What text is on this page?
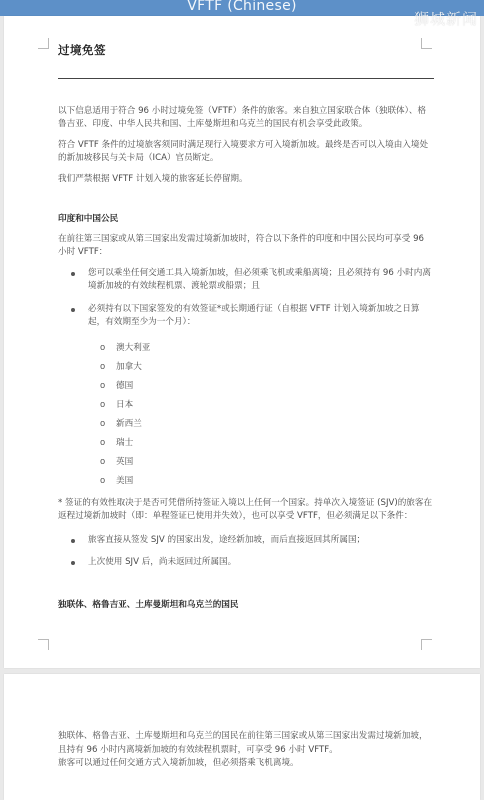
VFTF (Chinese)
狮城新闻
过境免签

以下信息适用于符合 96 小时过境免签（VFTF）条件的旅客。来自独立国家联合体（独联体）、格鲁吉亚、印度、中华人民共和国、土库曼斯坦和乌克兰的国民有机会享受此政策。

符合 VFTF 条件的过境旅客须同时满足现行入境要求方可入境新加坡。最终是否可以入境由入境处的新加坡移民与关卡局（ICA）官员断定。

我们严禁根据 VFTF 计划入境的旅客延长停留期。

印度和中国公民

在前往第三国家或从第三国家出发需过境新加坡时，符合以下条件的印度和中国公民均可享受 96 小时 VFTF：

您可以乘坐任何交通工具入境新加坡，但必须乘飞机或乘船离境；且必须持有 96 小时内离境新加坡的有效续程机票、渡轮票或船票；且
必须持有以下国家签发的有效签证*或长期通行证（自根据 VFTF 计划入境新加坡之日算起，有效期至少为一个月）：
o 澳大利亚
o 加拿大
o 德国
o 日本
o 新西兰
o 瑞士
o 英国
o 美国

* 签证的有效性取决于是否可凭借所持签证入境以上任何一个国家。持单次入境签证 (SJV)的旅客在返程过境新加坡时（即：单程签证已使用并失效），也可以享受 VFTF，但必须满足以下条件：

旅客直接从签发 SJV 的国家出发，途经新加坡，而后直接返回其所属国；
上次使用 SJV 后，尚未返回过所属国。
独联体、格鲁吉亚、土库曼斯坦和乌克兰的国民

独联体、格鲁吉亚、土库曼斯坦和乌克兰的国民在前往第三国家或从第三国家出发需过境新加坡，且持有 96 小时内离境新加坡的有效续程机票时，可享受 96 小时 VFTF。

旅客可以通过任何交通方式入境新加坡，但必须搭乘飞机离境。
